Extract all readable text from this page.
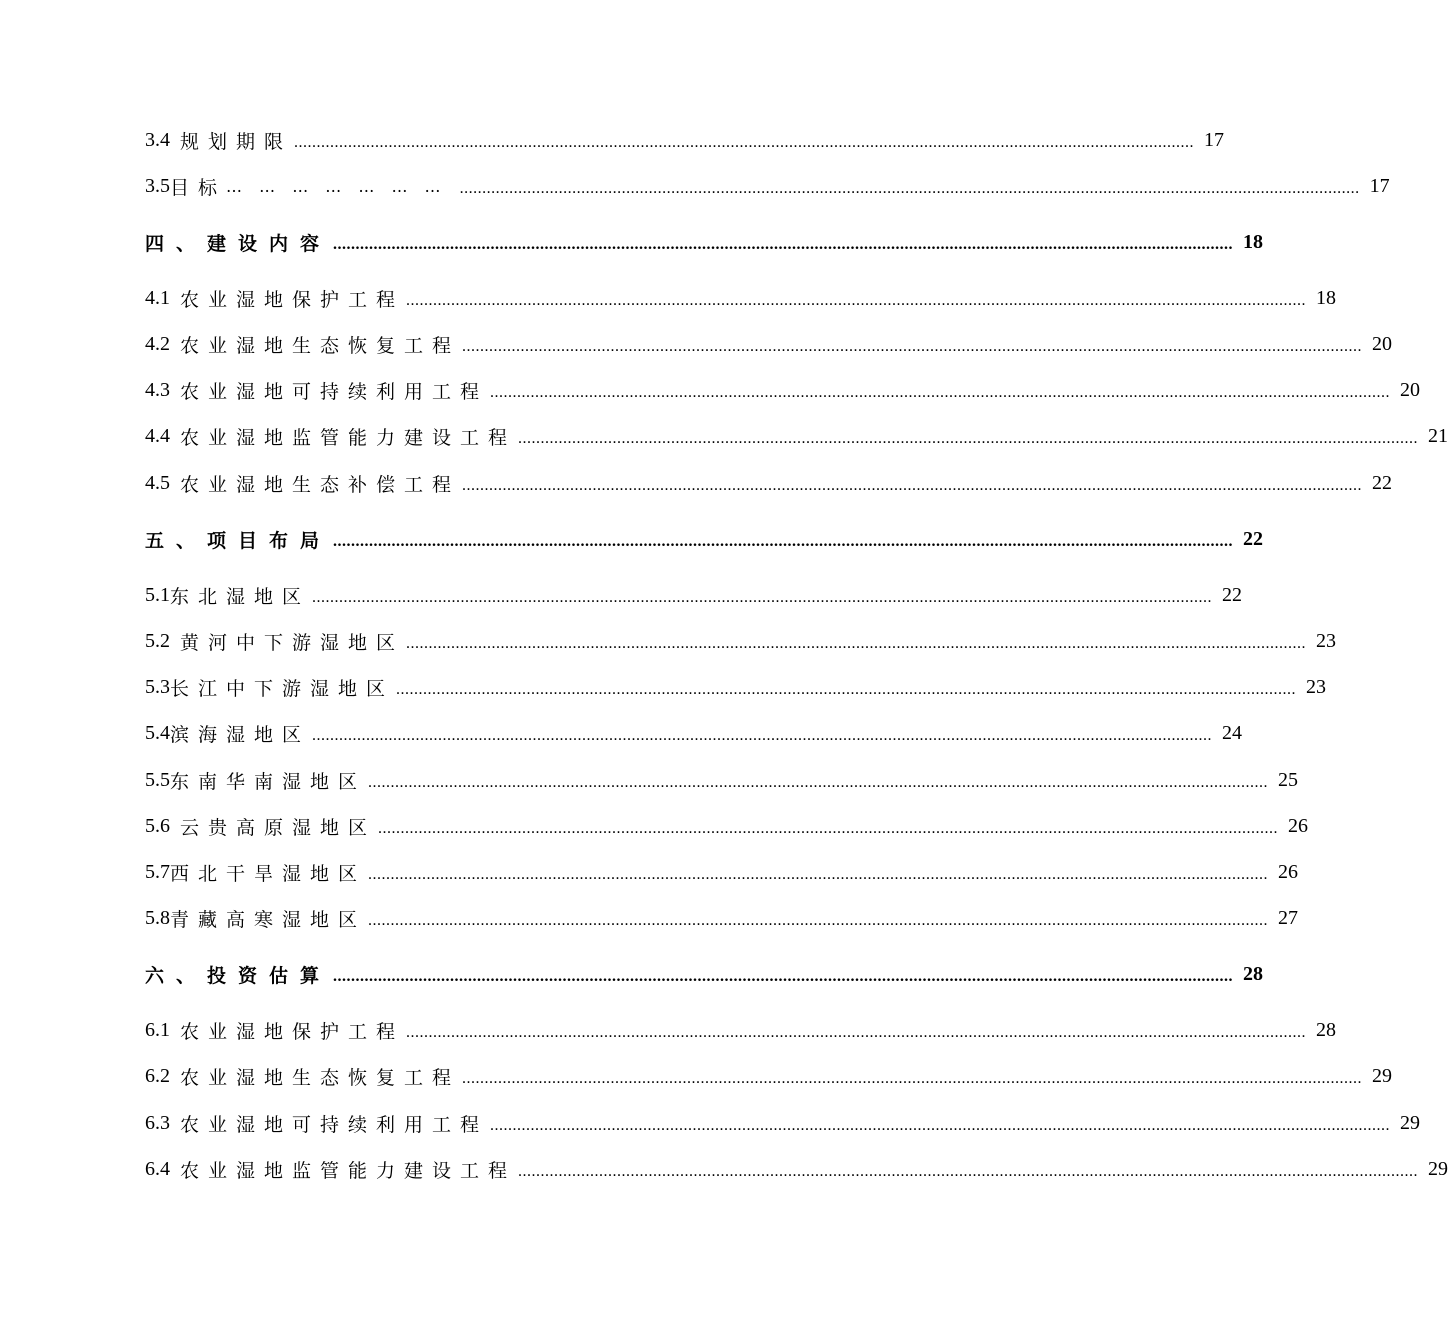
3.4 规划期限 ........................................................................................................................................................................................................ 17
3.5 目标 … … … … … … … ........................................................................................................................................................................................................ 17
四、建设内容 ........................................................................................................................................................................................................ 18
4.1 农业湿地保护工程 ........................................................................................................................................................................................................ 18
4.2 农业湿地生态恢复工程 ........................................................................................................................................................................................................ 20
4.3 农业湿地可持续利用工程 ........................................................................................................................................................................................................ 20
4.4 农业湿地监管能力建设工程 ........................................................................................................................................................................................................ 21
4.5 农业湿地生态补偿工程 ........................................................................................................................................................................................................ 22
五、项目布局 ........................................................................................................................................................................................................ 22
5.1 东北湿地区 ........................................................................................................................................................................................................ 22
5.2 黄河中下游湿地区 ........................................................................................................................................................................................................ 23
5.3 长江中下游湿地区 ........................................................................................................................................................................................................ 23
5.4 滨海湿地区 ........................................................................................................................................................................................................ 24
5.5 东南华南湿地区 ........................................................................................................................................................................................................ 25
5.6 云贵高原湿地区 ........................................................................................................................................................................................................ 26
5.7 西北干旱湿地区 ........................................................................................................................................................................................................ 26
5.8 青藏高寒湿地区 ........................................................................................................................................................................................................ 27
六、投资估算 ........................................................................................................................................................................................................ 28
6.1 农业湿地保护工程 ........................................................................................................................................................................................................ 28
6.2 农业湿地生态恢复工程 ........................................................................................................................................................................................................ 29
6.3 农业湿地可持续利用工程 ........................................................................................................................................................................................................ 29
6.4 农业湿地监管能力建设工程 ........................................................................................................................................................................................................ 29
